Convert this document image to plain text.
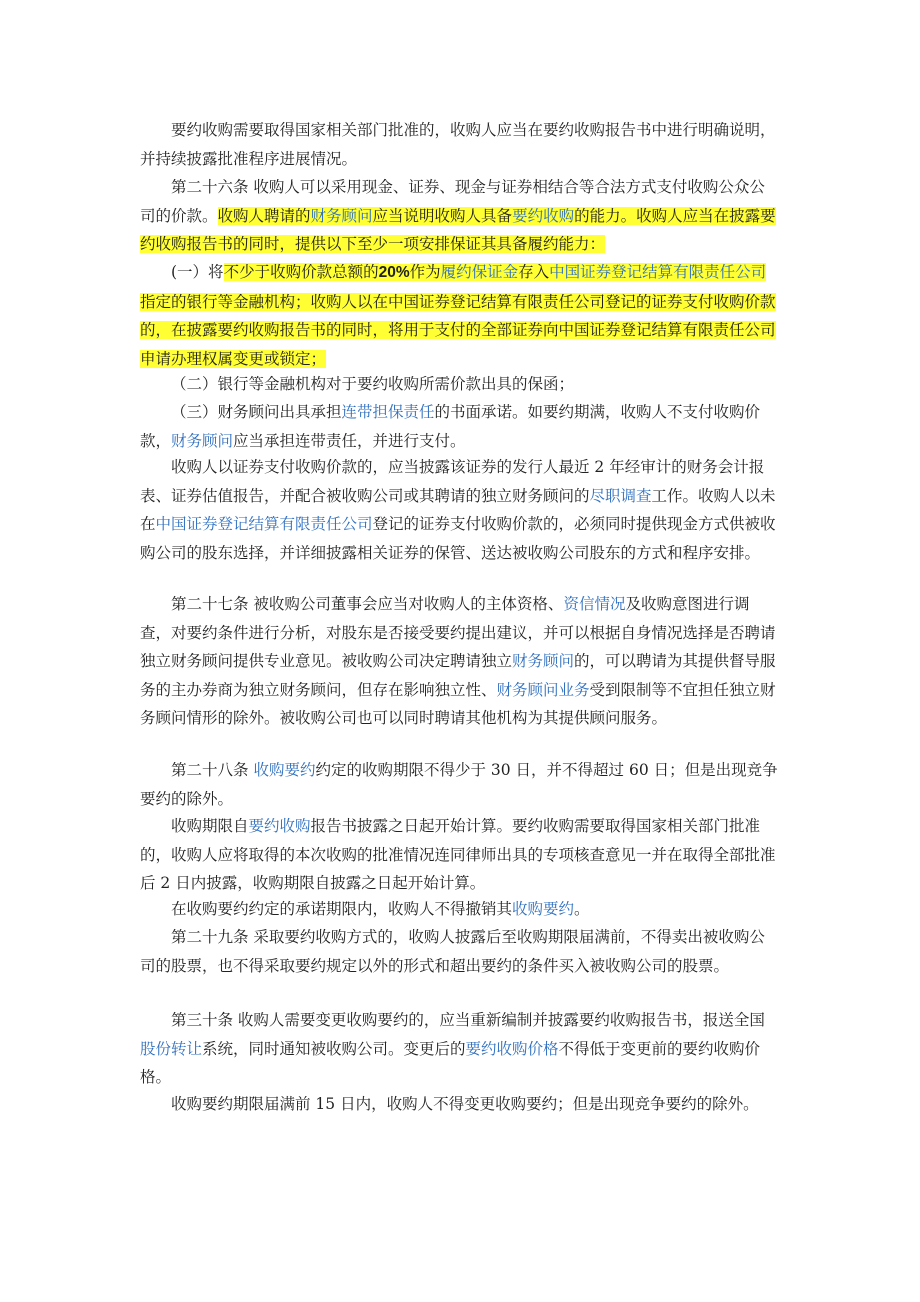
要约收购需要取得国家相关部门批准的，收购人应当在要约收购报告书中进行明确说明，并持续披露批准程序进展情况。

第二十六条 收购人可以采用现金、证券、现金与证券相结合等合法方式支付收购公众公司的价款。收购人聘请的财务顾问应当说明收购人具备要约收购的能力。收购人应当在披露要约收购报告书的同时，提供以下至少一项安排保证其具备履约能力：

(一）将不少于收购价款总额的20%作为履约保证金存入中国证券登记结算有限责任公司指定的银行等金融机构；收购人以在中国证券登记结算有限责任公司登记的证券支付收购价款的，在披露要约收购报告书的同时，将用于支付的全部证券向中国证券登记结算有限责任公司申请办理权属变更或锁定；

（二）银行等金融机构对于要约收购所需价款出具的保函；

（三）财务顾问出具承担连带担保责任的书面承诺。如要约期满，收购人不支付收购价款，财务顾问应当承担连带责任，并进行支付。

收购人以证券支付收购价款的，应当披露该证券的发行人最近 2 年经审计的财务会计报表、证券估值报告，并配合被收购公司或其聘请的独立财务顾问的尽职调查工作。收购人以未在中国证券登记结算有限责任公司登记的证券支付收购价款的，必须同时提供现金方式供被收购公司的股东选择，并详细披露相关证券的保管、送达被收购公司股东的方式和程序安排。

第二十七条 被收购公司董事会应当对收购人的主体资格、资信情况及收购意图进行调查，对要约条件进行分析，对股东是否接受要约提出建议，并可以根据自身情况选择是否聘请独立财务顾问提供专业意见。被收购公司决定聘请独立财务顾问的，可以聘请为其提供督导服务的主办券商为独立财务顾问，但存在影响独立性、财务顾问业务受到限制等不宜担任独立财务顾问情形的除外。被收购公司也可以同时聘请其他机构为其提供顾问服务。

第二十八条 收购要约约定的收购期限不得少于 30 日，并不得超过 60 日；但是出现竞争要约的除外。

收购期限自要约收购报告书披露之日起开始计算。要约收购需要取得国家相关部门批准的，收购人应将取得的本次收购的批准情况连同律师出具的专项核查意见一并在取得全部批准后 2 日内披露，收购期限自披露之日起开始计算。

在收购要约约定的承诺期限内，收购人不得撤销其收购要约。

第二十九条 采取要约收购方式的，收购人披露后至收购期限届满前，不得卖出被收购公司的股票，也不得采取要约规定以外的形式和超出要约的条件买入被收购公司的股票。

第三十条 收购人需要变更收购要约的，应当重新编制并披露要约收购报告书，报送全国股份转让系统，同时通知被收购公司。变更后的要约收购价格不得低于变更前的要约收购价格。

收购要约期限届满前 15 日内，收购人不得变更收购要约；但是出现竞争要约的除外。
